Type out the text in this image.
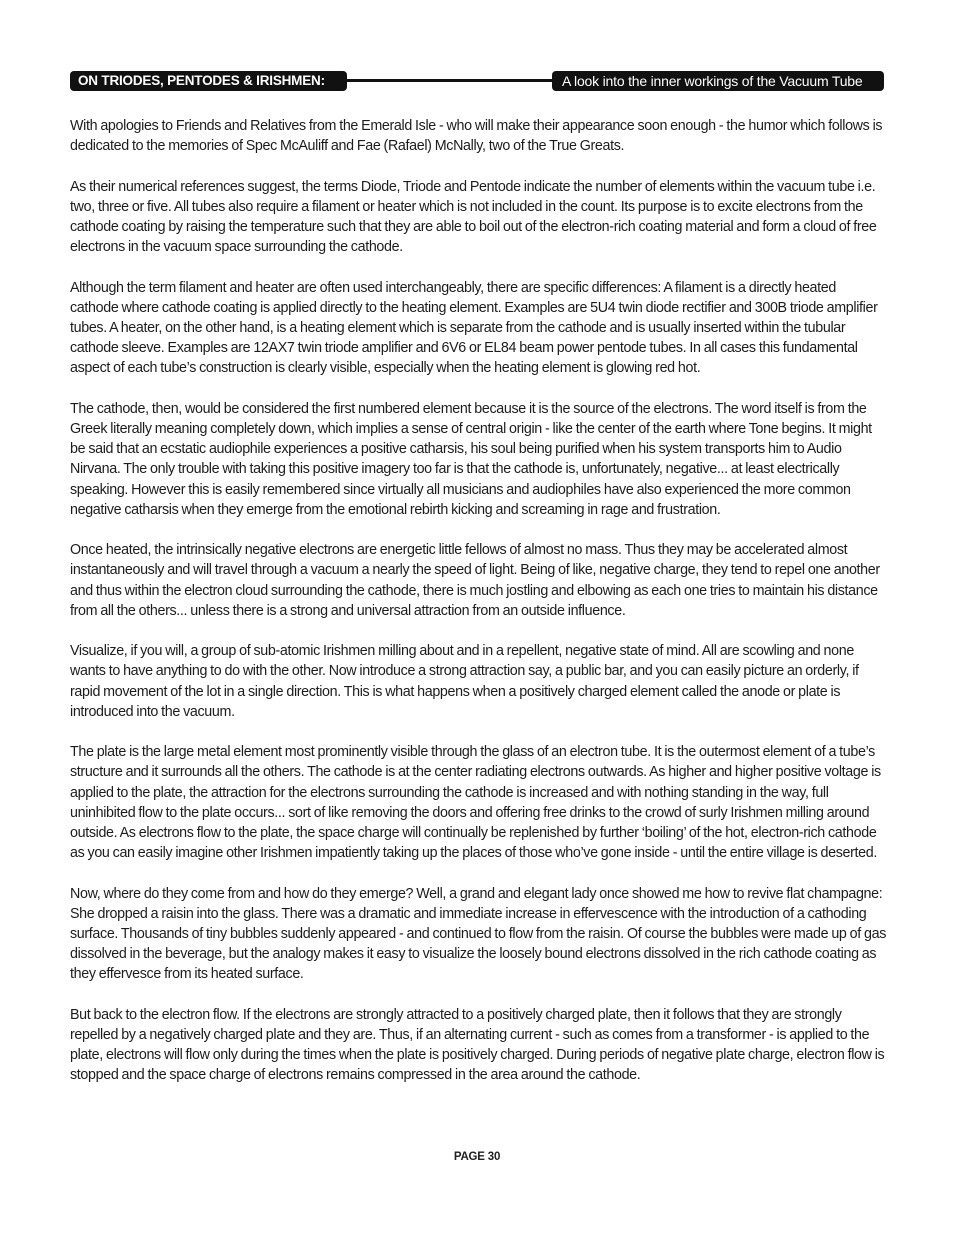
ON TRIODES, PENTODES & IRISHMEN:	A look into the inner workings of the Vacuum Tube

With apologies to Friends and Relatives from the Emerald Isle - who will make their appearance soon enough - the humor which follows is dedicated to the memories of Spec McAuliff and Fae (Rafael) McNally, two of the True Greats.

As their numerical references suggest, the terms Diode, Triode and Pentode indicate the number of elements within the vacuum tube i.e. two, three or five. All tubes also require a filament or heater which is not included in the count. Its purpose is to excite electrons from the cathode coating by raising the temperature such that they are able to boil out of the electron-rich coating material and form a cloud of free electrons in the vacuum space surrounding the cathode.

Although the term filament and heater are often used interchangeably, there are specific differences: A filament is a directly heated cathode where cathode coating is applied directly to the heating element. Examples are 5U4 twin diode rectifier and 300B triode amplifier tubes. A heater, on the other hand, is a heating element which is separate from the cathode and is usually inserted within the tubular cathode sleeve. Examples are 12AX7 twin triode amplifier and 6V6 or EL84 beam power pentode tubes. In all cases this fundamental aspect of each tube’s construction is clearly visible, especially when the heating element is glowing red hot.

The cathode, then, would be considered the first numbered element because it is the source of the electrons. The word itself is from the Greek literally meaning completely down, which implies a sense of central origin - like the center of the earth where Tone begins. It might be said that an ecstatic audiophile experiences a positive catharsis, his soul being purified when his system transports him to Audio Nirvana. The only trouble with taking this positive imagery too far is that the cathode is, unfortunately, negative... at least electrically speaking. However this is easily remembered since virtually all musicians and audiophiles have also experienced the more common negative catharsis when they emerge from the emotional rebirth kicking and screaming in rage and frustration.

Once heated, the intrinsically negative electrons are energetic little fellows of almost no mass. Thus they may be accelerated almost instantaneously and will travel through a vacuum a nearly the speed of light. Being of like, negative charge, they tend to repel one another and thus within the electron cloud surrounding the cathode, there is much jostling and elbowing as each one tries to maintain his distance from all the others... unless there is a strong and universal attraction from an outside influence.

Visualize, if you will, a group of sub-atomic Irishmen milling about and in a repellent, negative state of mind. All are scowling and none wants to have anything to do with the other. Now introduce a strong attraction say, a public bar, and you can easily picture an orderly, if rapid movement of the lot in a single direction. This is what happens when a positively charged element called the anode or plate is introduced into the vacuum.

The plate is the large metal element most prominently visible through the glass of an electron tube. It is the outermost element of a tube’s structure and it surrounds all the others. The cathode is at the center radiating electrons outwards. As higher and higher positive voltage is applied to the plate, the attraction for the electrons surrounding the cathode is increased and with nothing standing in the way, full uninhibited flow to the plate occurs... sort of like removing the doors and offering free drinks to the crowd of surly Irishmen milling around outside. As electrons flow to the plate, the space charge will continually be replenished by further ‘boiling’ of the hot, electron-rich cathode as you can easily imagine other Irishmen impatiently taking up the places of those who’ve gone inside - until the entire village is deserted.

Now, where do they come from and how do they emerge? Well, a grand and elegant lady once showed me how to revive flat champagne: She dropped a raisin into the glass. There was a dramatic and immediate increase in effervescence with the introduction of a cathoding surface. Thousands of tiny bubbles suddenly appeared - and continued to flow from the raisin. Of course the bubbles were made up of gas dissolved in the beverage, but the analogy makes it easy to visualize the loosely bound electrons dissolved in the rich cathode coating as they effervesce from its heated surface.

But back to the electron flow. If the electrons are strongly attracted to a positively charged plate, then it follows that they are strongly repelled by a negatively charged plate and they are. Thus, if an alternating current - such as comes from a transformer - is applied to the plate, electrons will flow only during the times when the plate is positively charged. During periods of negative plate charge, electron flow is stopped and the space charge of electrons remains compressed in the area around the cathode.

PAGE 30
